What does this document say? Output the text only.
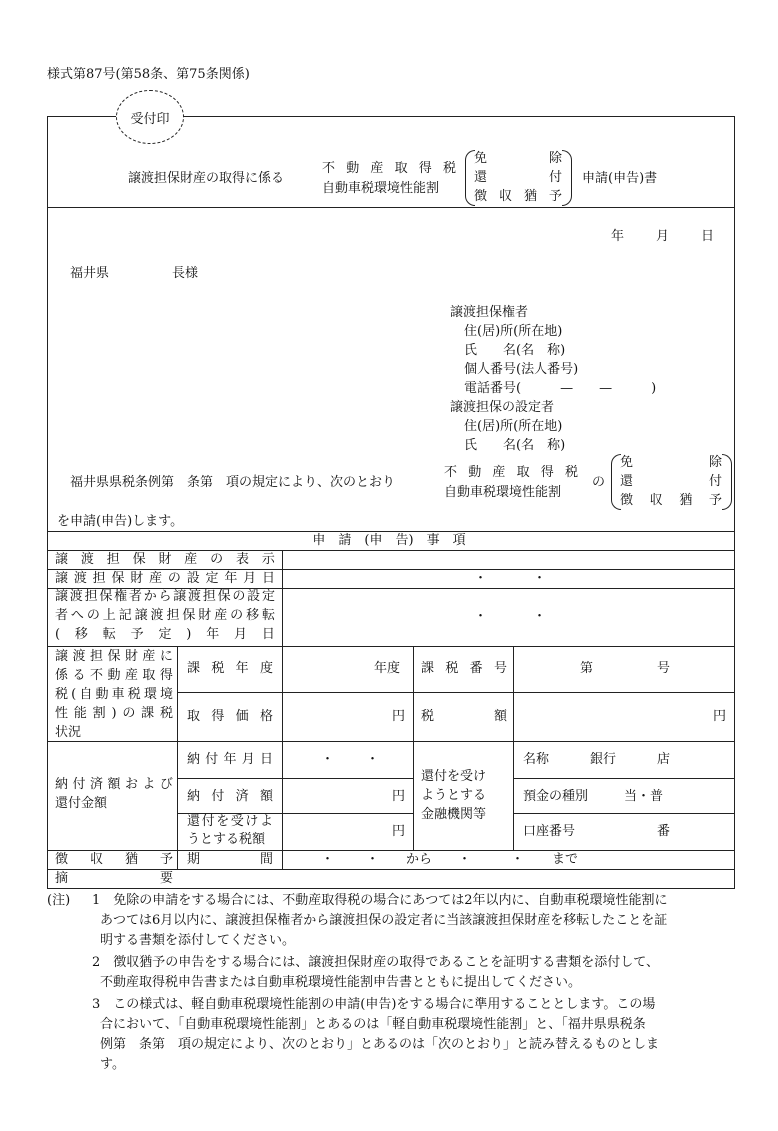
様式第87号(第58条、第75条関係)
受付印
譲渡担保財産の取得に係る
不 動 産 取 得 税
自動車税環境性能割
免	除
還	付
徴 収 猶 予
申請(申告)書
年 月 日
福井県	長様
譲渡担保権者
住(居)所(所在地)
氏　　名(名　称)
個人番号(法人番号)
電話番号(　　　—　　—　　　)
譲渡担保の設定者
住(居)所(所在地)
氏　　名(名　称)
福井県県税条例第　条第　項の規定により、次のとおり
不 動 産 取 得 税
自動車税環境性能割
の
免	除
還	付
徴 収 猶 予
を申請(申告)します。
申　請　(申　告)　事　項
譲 渡 担 保 財 産 の 表 示
譲 渡 担 保 財 産 の 設 定 年 月 日	・	・
譲 渡 担 保 権 者 か ら 譲 渡 担 保 の 設 定
者 へ の 上 記 譲 渡 担 保 財 産 の 移 転
( 移 転 予 定 ) 年 月 日
・	・
譲 渡 担 保 財 産 に
係 る 不 動 産 取 得
税 ( 自 動 車 税 環 境
性 能 割 ) の 課 税
状況
課 税 年 度	年度 課 税 番 号	第	号
取 得 価 格	円 税	額	円
納 付 済 額 お よ び
還付金額
納 付 年 月 日	・ ・
納 付 済 額	円
還 付 を 受 け よ
うとする税額
円
還付を受け
ようとする
金融機関等
名称	銀行	店
預金の種別	当・普
口座番号	番
徴 収 猶 予 期	間	・ ・ から ・	・ まで
摘	要
(注) 1　免除の申請をする場合には、不動産取得税の場合にあつては2年以内に、自動車税環境性能割に
あつては6月以内に、譲渡担保権者から譲渡担保の設定者に当該譲渡担保財産を移転したことを証
明する書類を添付してください。
2　徴収猶予の申告をする場合には、譲渡担保財産の取得であることを証明する書類を添付して、
不動産取得税申告書または自動車税環境性能割申告書とともに提出してください。
3　この様式は、軽自動車税環境性能割の申請(申告)をする場合に準用することとします。この場
合において、「自動車税環境性能割」とあるのは「軽自動車税環境性能割」と、「福井県県税条
例第　条第　項の規定により、次のとおり」とあるのは「次のとおり」と読み替えるものとしま
す。
